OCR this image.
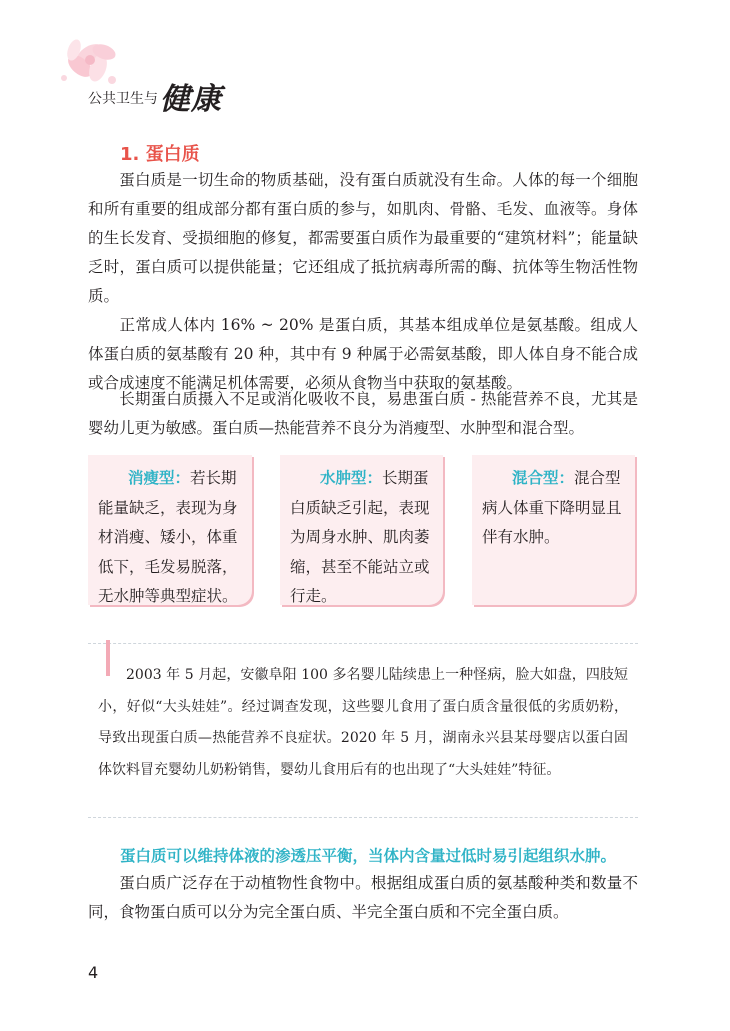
公共卫生与 健康
1. 蛋白质
蛋白质是一切生命的物质基础，没有蛋白质就没有生命。人体的每一个细胞和所有重要的组成部分都有蛋白质的参与，如肌肉、骨骼、毛发、血液等。身体的生长发育、受损细胞的修复，都需要蛋白质作为最重要的“建筑材料”；能量缺乏时，蛋白质可以提供能量；它还组成了抵抗病毒所需的酶、抗体等生物活性物质。
正常成人体内 16% ~ 20% 是蛋白质，其基本组成单位是氨基酸。组成人体蛋白质的氨基酸有 20 种，其中有 9 种属于必需氨基酸，即人体自身不能合成或合成速度不能满足机体需要，必须从食物当中获取的氨基酸。
长期蛋白质摄入不足或消化吸收不良，易患蛋白质 - 热能营养不良，尤其是婴幼儿更为敏感。蛋白质—热能营养不良分为消瘦型、水肿型和混合型。
消瘦型：若长期能量缺乏，表现为身材消瘦、矮小，体重低下，毛发易脱落，无水肿等典型症状。
水肿型：长期蛋白质缺乏引起，表现为周身水肿、肌肉萎缩，甚至不能站立或行走。
混合型：混合型病人体重下降明显且伴有水肿。
2003 年 5 月起，安徽阜阳 100 多名婴儿陆续患上一种怪病，脸大如盘，四肢短小，好似“大头娃娃”。经过调查发现，这些婴儿食用了蛋白质含量很低的劣质奶粉，导致出现蛋白质—热能营养不良症状。2020 年 5 月，湖南永兴县某母婴店以蛋白固体饮料冒充婴幼儿奶粉销售，婴幼儿食用后有的也出现了“大头娃娃”特征。
蛋白质可以维持体液的渗透压平衡，当体内含量过低时易引起组织水肿。
蛋白质广泛存在于动植物性食物中。根据组成蛋白质的氨基酸种类和数量不同，食物蛋白质可以分为完全蛋白质、半完全蛋白质和不完全蛋白质。
4
